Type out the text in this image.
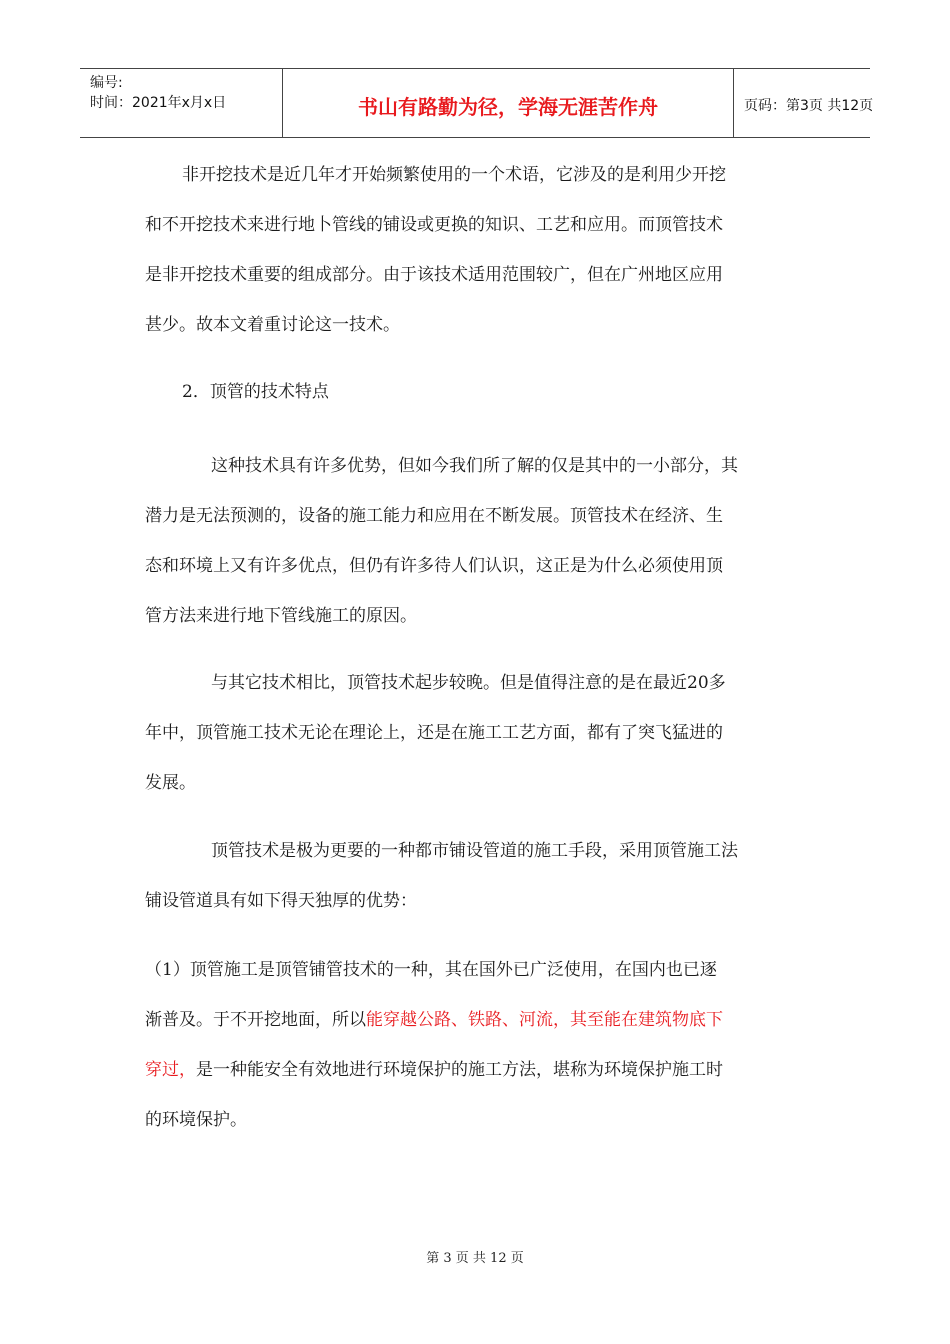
编号:
时间：2021年x月x日	书山有路勤为径，学海无涯苦作舟	页码：第3页 共12页
非开挖技术是近几年才开始频繁使用的一个术语，它涉及的是利用少开挖
和不开挖技术来进行地卜管线的铺设或更换的知识、工艺和应用。而顶管技术
是非开挖技术重要的组成部分。由于该技术适用范围较广，但在广州地区应用
甚少。故本文着重讨论这一技术。
2．顶管的技术特点
这种技术具有许多优势，但如今我们所了解的仅是其中的一小部分，其
潜力是无法预测的，设备的施工能力和应用在不断发展。顶管技术在经济、生
态和环境上又有许多优点，但仍有许多待人们认识，这正是为什么必须使用顶
管方法来进行地下管线施工的原因。
与其它技术相比，顶管技术起步较晚。但是值得注意的是在最近20多
年中，顶管施工技术无论在理论上，还是在施工工艺方面，都有了突飞猛进的
发展。
顶管技术是极为更要的一种都市铺设管道的施工手段，采用顶管施工法
铺设管道具有如下得天独厚的优势：
（1）顶管施工是顶管铺管技术的一种，其在国外已广泛使用，在国内也已逐
渐普及。于不开挖地面，所以能穿越公路、铁路、河流，其至能在建筑物底下
穿过，是一种能安全有效地进行环境保护的施工方法，堪称为环境保护施工时
的环境保护。
第 3 页 共 12 页
